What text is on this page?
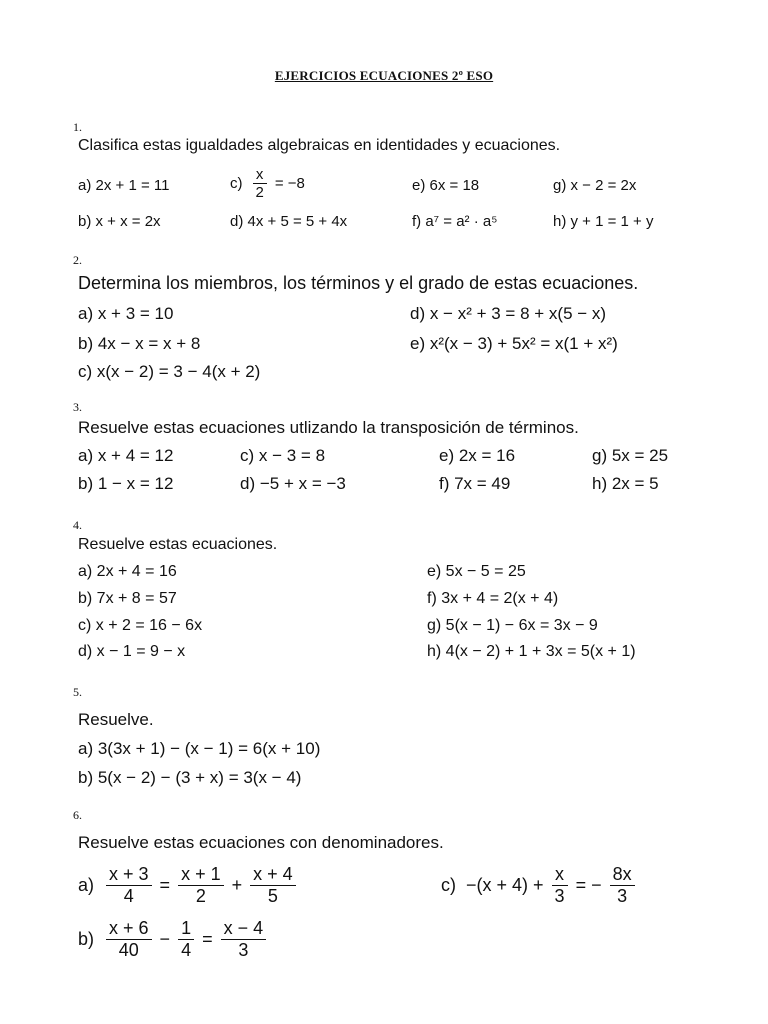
EJERCICIOS ECUACIONES 2º ESO
1.
Clasifica estas igualdades algebraicas en identidades y ecuaciones.
a) 2x + 1 = 11
b) x + x = 2x
$c) \frac{x}{2} = -8$
d) 4x + 5 = 5 + 4x
e) 6x = 18
f) a⁷ = a² · a⁵
g) x − 2 = 2x
h) y + 1 = 1 + y
2.
Determina los miembros, los términos y el grado de estas ecuaciones.
a) x + 3 = 10
b) 4x − x = x + 8
c) x(x − 2) = 3 − 4(x + 2)
d) x − x² + 3 = 8 + x(5 − x)
e) x²(x − 3) + 5x² = x(1 + x²)
3.
Resuelve estas ecuaciones utlizando la transposición de términos.
a) x + 4 = 12
b) 1 − x = 12
c) x − 3 = 8
d) −5 + x = −3
e) 2x = 16
f) 7x = 49
g) 5x = 25
h) 2x = 5
4.
Resuelve estas ecuaciones.
a) 2x + 4 = 16
b) 7x + 8 = 57
c) x + 2 = 16 − 6x
d) x − 1 = 9 − x
e) 5x − 5 = 25
f) 3x + 4 = 2(x + 4)
g) 5(x − 1) − 6x = 3x − 9
h) 4(x − 2) + 1 + 3x = 5(x + 1)
5.
Resuelve.
a) 3(3x + 1) − (x − 1) = 6(x + 10)
b) 5(x − 2) − (3 + x) = 3(x − 4)
6.
Resuelve estas ecuaciones con denominadores.
$a) \frac{x + 3}{4} = \frac{x + 1}{2} + \frac{x + 4}{5}$
$b) \frac{x + 6}{40} - \frac{1}{4} = \frac{x - 4}{3}$
$c) -(x + 4) + \frac{x}{3}$ = − $\frac{8x}{3}$
